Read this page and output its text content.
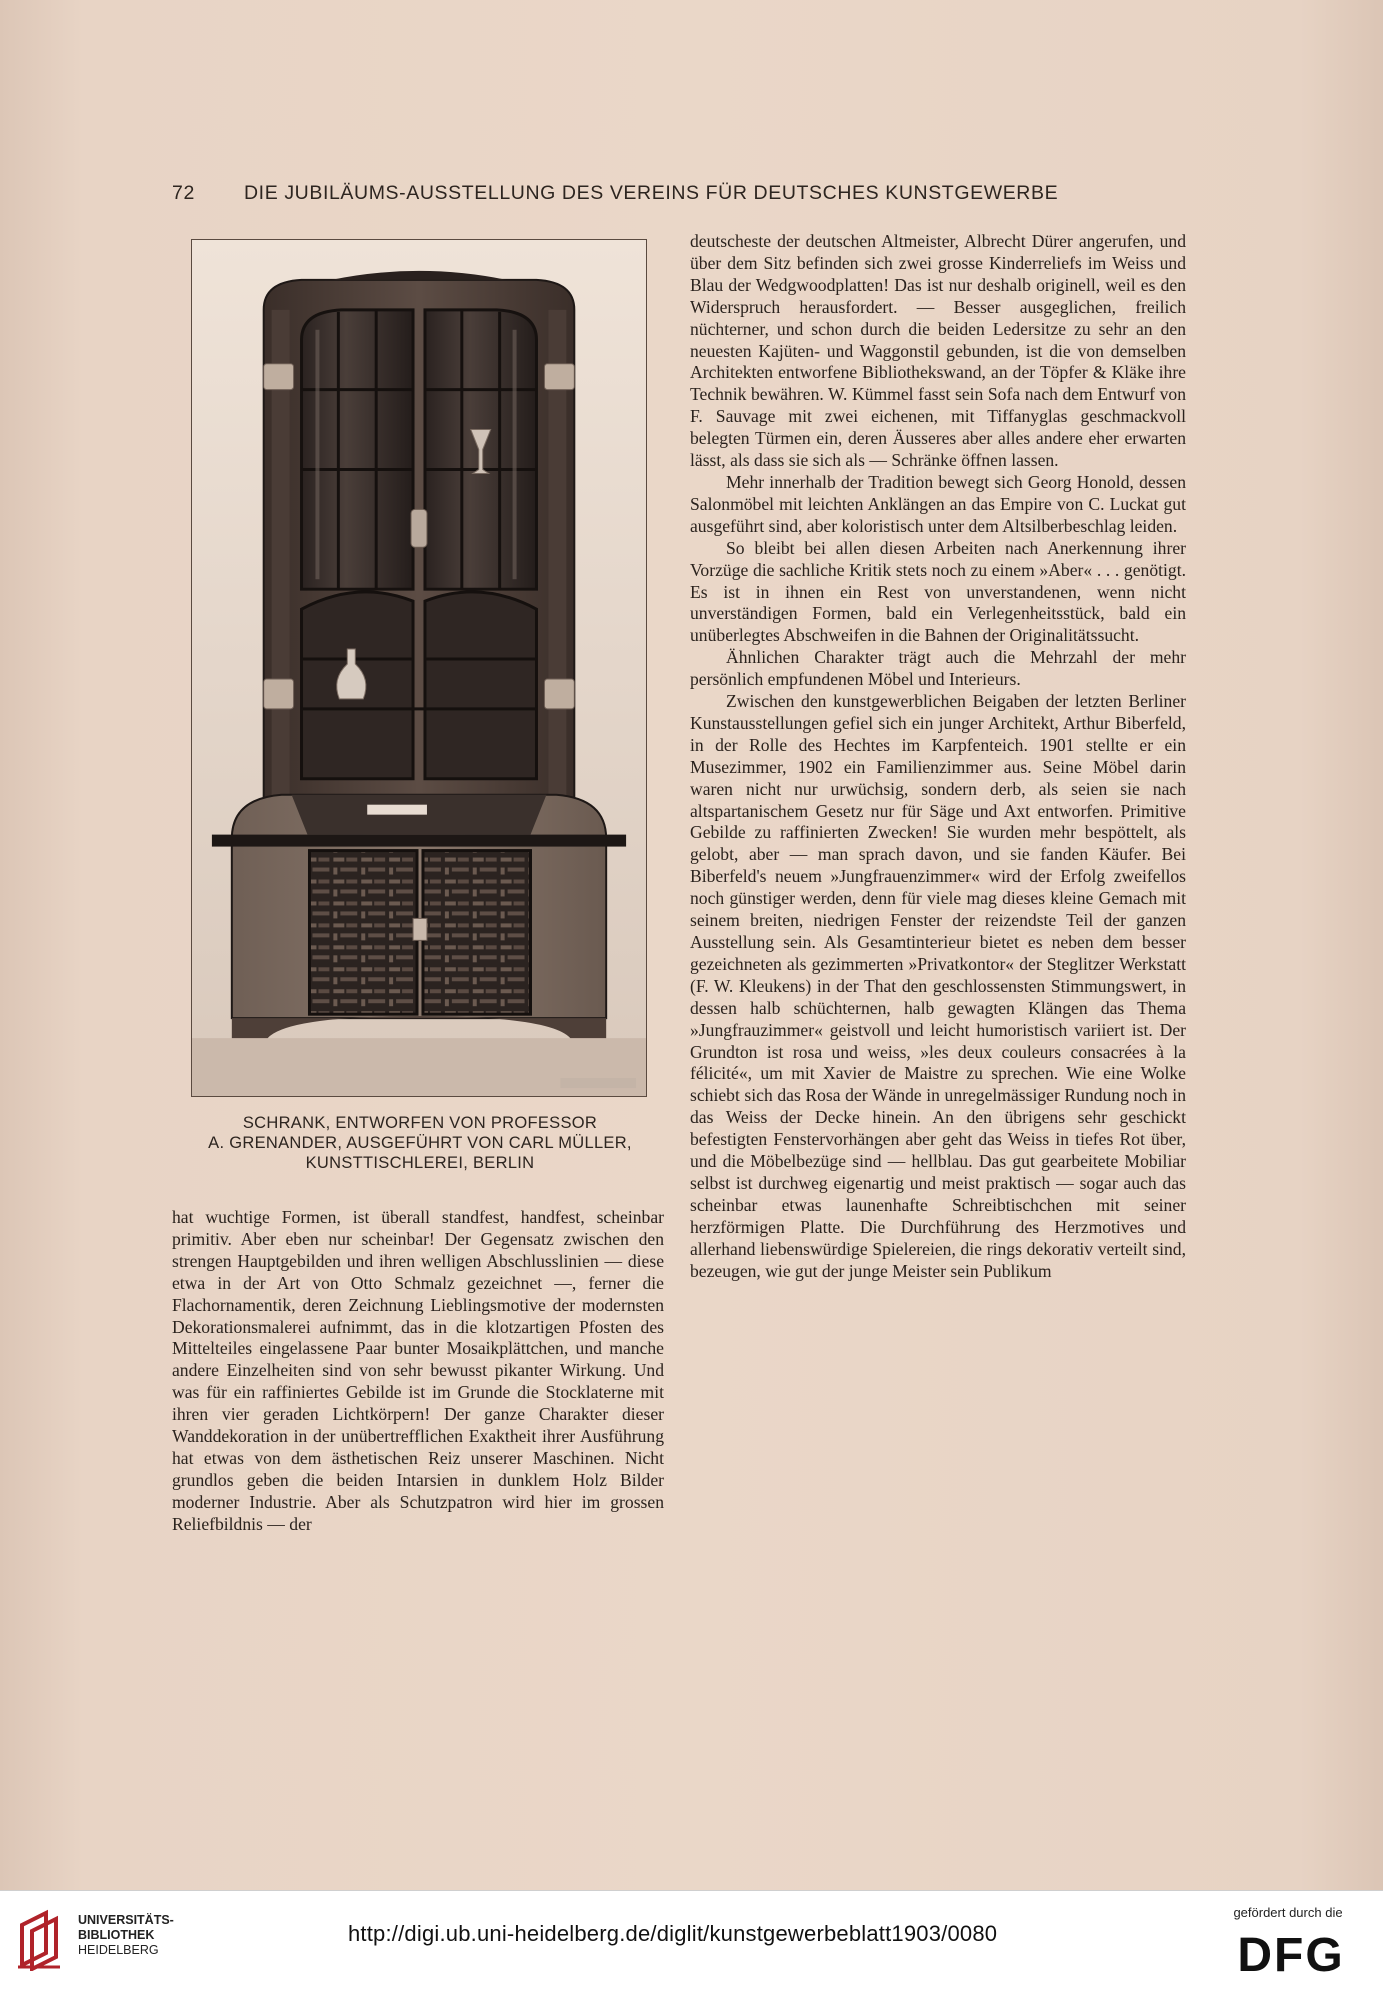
72	DIE JUBILÄUMS-AUSSTELLUNG DES VEREINS FÜR DEUTSCHES KUNSTGEWERBE
SCHRANK, ENTWORFEN VON PROFESSOR
A. GRENANDER, AUSGEFÜHRT VON CARL MÜLLER,
KUNSTTISCHLEREI, BERLIN

hat wuchtige Formen, ist überall standfest, handfest, scheinbar primitiv. Aber eben nur scheinbar! Der Gegensatz zwischen den strengen Hauptgebilden und ihren welligen Abschlusslinien — diese etwa in der Art von Otto Schmalz gezeichnet —, ferner die Flachornamentik, deren Zeichnung Lieblingsmotive der modernsten Dekorationsmalerei aufnimmt, das in die klotzartigen Pfosten des Mittelteiles eingelassene Paar bunter Mosaikplättchen, und manche andere Einzelheiten sind von sehr bewusst pikanter Wirkung. Und was für ein raffiniertes Gebilde ist im Grunde die Stocklaterne mit ihren vier geraden Lichtkörpern! Der ganze Charakter dieser Wanddekoration in der unübertrefflichen Exaktheit ihrer Ausführung hat etwas von dem ästhetischen Reiz unserer Maschinen. Nicht grundlos geben die beiden Intarsien in dunklem Holz Bilder moderner Industrie. Aber als Schutzpatron wird hier im grossen Reliefbildnis — der

deutscheste der deutschen Altmeister, Albrecht Dürer angerufen, und über dem Sitz befinden sich zwei grosse Kinderreliefs im Weiss und Blau der Wedgwoodplatten! Das ist nur deshalb originell, weil es den Widerspruch herausfordert. — Besser ausgeglichen, freilich nüchterner, und schon durch die beiden Ledersitze zu sehr an den neuesten Kajüten- und Waggonstil gebunden, ist die von demselben Architekten entworfene Bibliothekswand, an der Töpfer & Kläke ihre Technik bewähren. W. Kümmel fasst sein Sofa nach dem Entwurf von F. Sauvage mit zwei eichenen, mit Tiffanyglas geschmackvoll belegten Türmen ein, deren Äusseres aber alles andere eher erwarten lässt, als dass sie sich als — Schränke öffnen lassen.

Mehr innerhalb der Tradition bewegt sich Georg Honold, dessen Salonmöbel mit leichten Anklängen an das Empire von C. Luckat gut ausgeführt sind, aber koloristisch unter dem Altsilberbeschlag leiden.

So bleibt bei allen diesen Arbeiten nach Anerkennung ihrer Vorzüge die sachliche Kritik stets noch zu einem »Aber« . . . genötigt. Es ist in ihnen ein Rest von unverstandenen, wenn nicht unverständigen Formen, bald ein Verlegenheitsstück, bald ein unüberlegtes Abschweifen in die Bahnen der Originalitätssucht.

Ähnlichen Charakter trägt auch die Mehrzahl der mehr persönlich empfundenen Möbel und Interieurs.

Zwischen den kunstgewerblichen Beigaben der letzten Berliner Kunstausstellungen gefiel sich ein junger Architekt, Arthur Biberfeld, in der Rolle des Hechtes im Karpfenteich. 1901 stellte er ein Musezimmer, 1902 ein Familienzimmer aus. Seine Möbel darin waren nicht nur urwüchsig, sondern derb, als seien sie nach altspartanischem Gesetz nur für Säge und Axt entworfen. Primitive Gebilde zu raffinierten Zwecken! Sie wurden mehr bespöttelt, als gelobt, aber — man sprach davon, und sie fanden Käufer. Bei Biberfeld's neuem »Jungfrauenzimmer« wird der Erfolg zweifellos noch günstiger werden, denn für viele mag dieses kleine Gemach mit seinem breiten, niedrigen Fenster der reizendste Teil der ganzen Ausstellung sein. Als Gesamtinterieur bietet es neben dem besser gezeichneten als gezimmerten »Privatkontor« der Steglitzer Werkstatt (F. W. Kleukens) in der That den geschlossensten Stimmungswert, in dessen halb schüchternen, halb gewagten Klängen das Thema »Jungfrauzimmer« geistvoll und leicht humoristisch variiert ist. Der Grundton ist rosa und weiss, »les deux couleurs consacrées à la félicité«, um mit Xavier de Maistre zu sprechen. Wie eine Wolke schiebt sich das Rosa der Wände in unregelmässiger Rundung noch in das Weiss der Decke hinein. An den übrigens sehr geschickt befestigten Fenstervorhängen aber geht das Weiss in tiefes Rot über, und die Möbelbezüge sind — hellblau. Das gut gearbeitete Mobiliar selbst ist durchweg eigenartig und meist praktisch — sogar auch das scheinbar etwas launenhafte Schreibtischchen mit seiner herzförmigen Platte. Die Durchführung des Herzmotives und allerhand liebenswürdige Spielereien, die rings dekorativ verteilt sind, bezeugen, wie gut der junge Meister sein Publikum

UNIVERSITÄTS-
BIBLIOTHEK
HEIDELBERG
http://digi.ub.uni-heidelberg.de/diglit/kunstgewerbeblatt1903/0080
gefördert durch die
DFG
